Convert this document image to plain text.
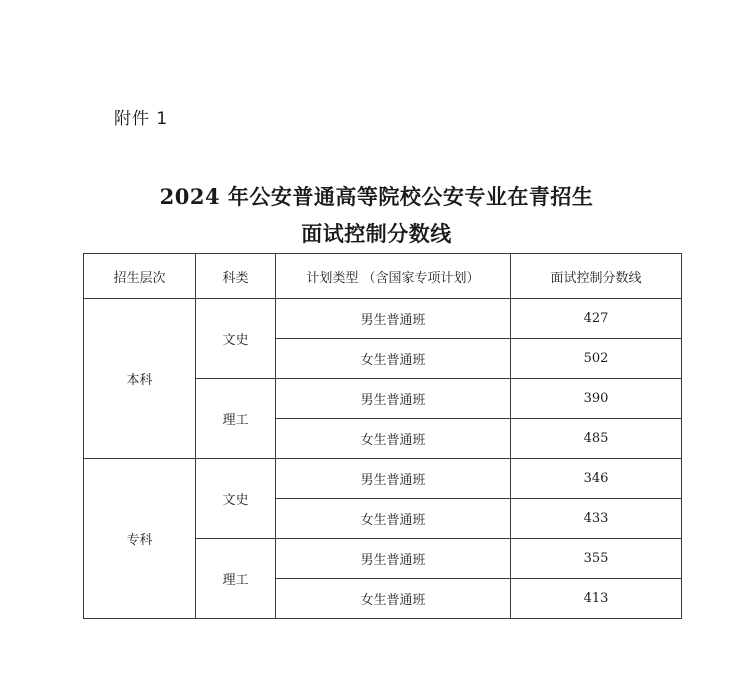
附件 1
2024 年公安普通高等院校公安专业在青招生
面试控制分数线
招生层次	科类	计划类型 （含国家专项计划）	面试控制分数线
本科	文史	男生普通班	427
		女生普通班	502
	理工	男生普通班	390
		女生普通班	485
专科	文史	男生普通班	346
		女生普通班	433
	理工	男生普通班	355
		女生普通班	413
